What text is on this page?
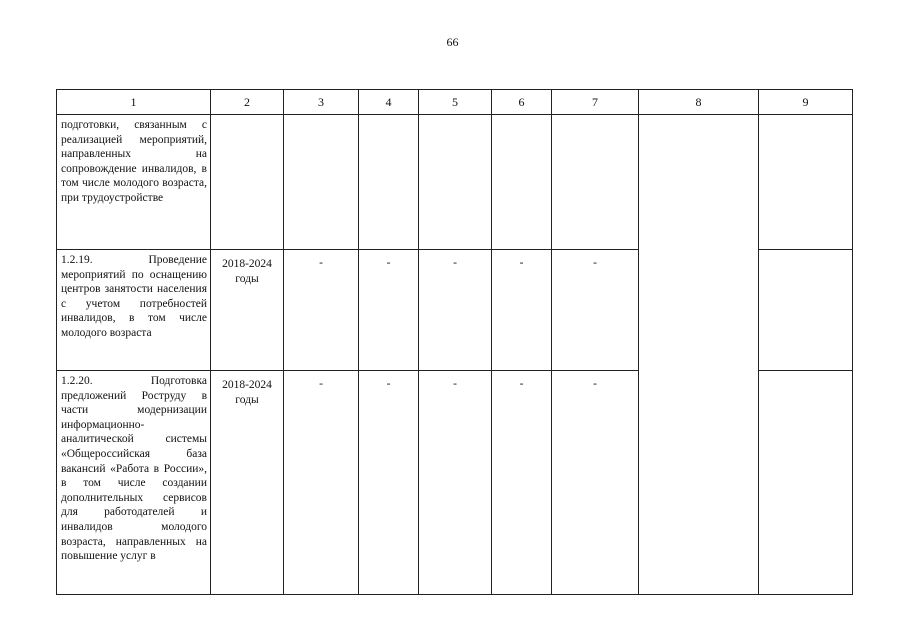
66
1	2	3	4	5	6	7	8	9
подготовки, связанным с реализацией мероприятий, направленных на сопровождение инвалидов, в том числе молодого возраста, при трудоустройстве								
1.2.19. Проведение мероприятий по оснащению центров занятости населения с учетом потребностей инвалидов, в том числе молодого возраста	2018-2024 годы	-	-	-	-	-		
1.2.20. Подготовка предложений Роструду в части модернизации информационно-аналитической системы «Общероссийская база вакансий «Работа в России», в том числе создании дополнительных сервисов для работодателей и инвалидов молодого возраста, направленных на повышение услуг в	2018-2024 годы	-	-	-	-	-		
